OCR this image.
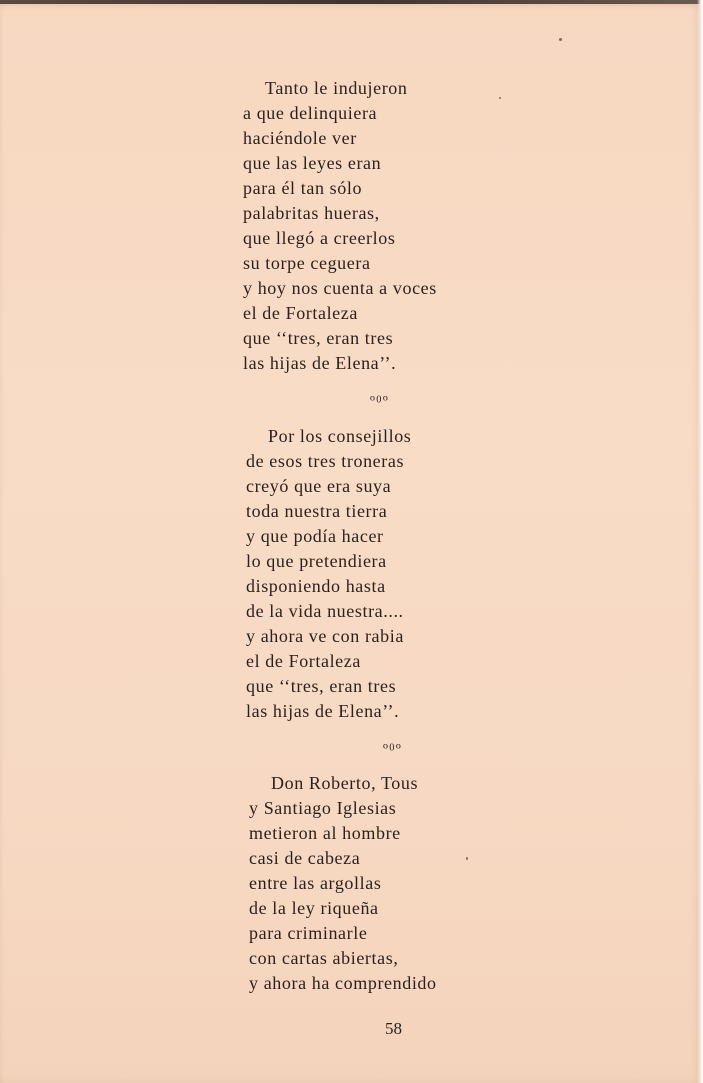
Tanto le indujeron
a que delinquiera
haciéndole ver
que las leyes eran
para él tan sólo
palabritas hueras,
que llegó a creerlos
su torpe ceguera
y hoy nos cuenta a voces
el de Fortaleza
que ‘‘tres, eran tres
las hijas de Elena’’.
ₒ₀ₒ
Por los consejillos
de esos tres troneras
creyó que era suya
toda nuestra tierra
y que podía hacer
lo que pretendiera
disponiendo hasta
de la vida nuestra....
y ahora ve con rabia
el de Fortaleza
que ‘‘tres, eran tres
las hijas de Elena’’.
ₒ₀ₒ
Don Roberto, Tous
y Santiago Iglesias
metieron al hombre
casi de cabeza
entre las argollas
de la ley riqueña
para criminarle
con cartas abiertas,
y ahora ha comprendido
58
